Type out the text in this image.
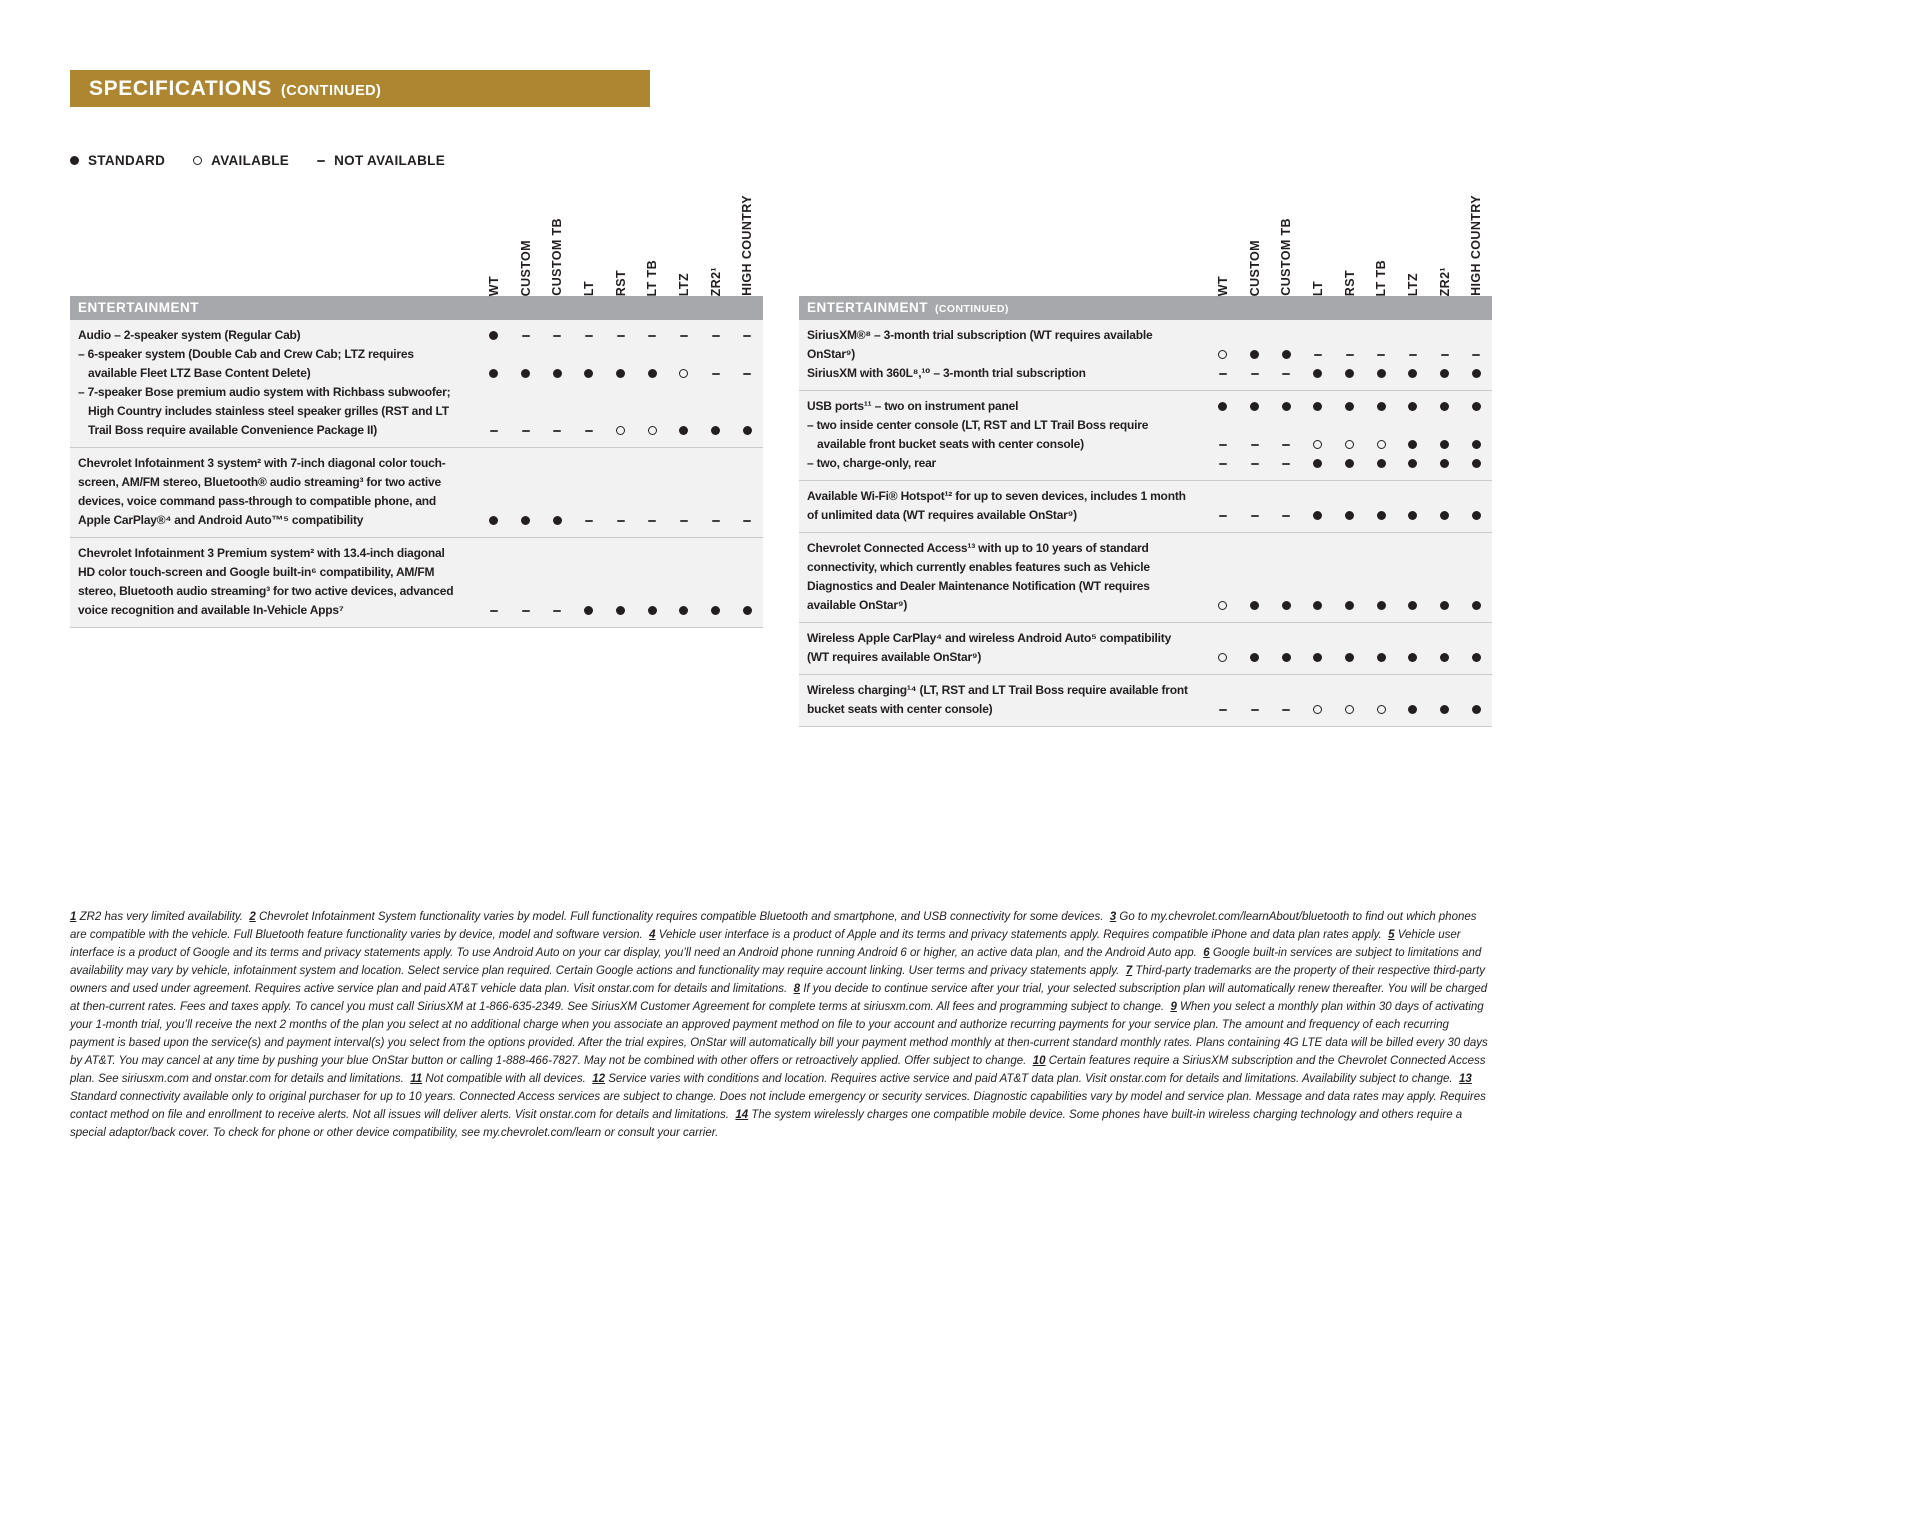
SPECIFICATIONS (CONTINUED)
STANDARD	AVAILABLE	NOT AVAILABLE
WT CUSTOM CUSTOM TB LT RST LT TB LTZ ZR2¹ HIGH COUNTRY
ENTERTAINMENT
Audio – 2-speaker system (Regular Cab)
– 6-speaker system (Double Cab and Crew Cab; LTZ requires available Fleet LTZ Base Content Delete)
– 7-speaker Bose premium audio system with Richbass subwoofer; High Country includes stainless steel speaker grilles (RST and LT Trail Boss require available Convenience Package II)
Chevrolet Infotainment 3 system² with 7-inch diagonal color touch-screen, AM/FM stereo, Bluetooth® audio streaming³ for two active devices, voice command pass-through to compatible phone, and Apple CarPlay®⁴ and Android Auto™⁵ compatibility
Chevrolet Infotainment 3 Premium system² with 13.4-inch diagonal HD color touch-screen and Google built-in⁶ compatibility, AM/FM stereo, Bluetooth audio streaming³ for two active devices, advanced voice recognition and available In-Vehicle Apps⁷
WT CUSTOM CUSTOM TB LT RST LT TB LTZ ZR2¹ HIGH COUNTRY
ENTERTAINMENT (CONTINUED)
SiriusXM®⁸ – 3-month trial subscription (WT requires available OnStar⁹)
SiriusXM with 360L⁸,¹⁰ – 3-month trial subscription
USB ports¹¹ – two on instrument panel
– two inside center console (LT, RST and LT Trail Boss require available front bucket seats with center console)
– two, charge-only, rear
Available Wi-Fi® Hotspot¹² for up to seven devices, includes 1 month of unlimited data (WT requires available OnStar⁹)
Chevrolet Connected Access¹³ with up to 10 years of standard connectivity, which currently enables features such as Vehicle Diagnostics and Dealer Maintenance Notification (WT requires available OnStar⁹)
Wireless Apple CarPlay⁴ and wireless Android Auto⁵ compatibility (WT requires available OnStar⁹)
Wireless charging¹⁴ (LT, RST and LT Trail Boss require available front bucket seats with center console)

1 ZR2 has very limited availability. 2 Chevrolet Infotainment System functionality varies by model. Full functionality requires compatible Bluetooth and smartphone, and USB connectivity for some devices. 3 Go to my.chevrolet.com/learnAbout/bluetooth to find out which phones are compatible with the vehicle. Full Bluetooth feature functionality varies by device, model and software version. 4 Vehicle user interface is a product of Apple and its terms and privacy statements apply. Requires compatible iPhone and data plan rates apply. 5 Vehicle user interface is a product of Google and its terms and privacy statements apply. To use Android Auto on your car display, you’ll need an Android phone running Android 6 or higher, an active data plan, and the Android Auto app. 6 Google built-in services are subject to limitations and availability may vary by vehicle, infotainment system and location. Select service plan required. Certain Google actions and functionality may require account linking. User terms and privacy statements apply. 7 Third-party trademarks are the property of their respective third-party owners and used under agreement. Requires active service plan and paid AT&T vehicle data plan. Visit onstar.com for details and limitations. 8 If you decide to continue service after your trial, your selected subscription plan will automatically renew thereafter. You will be charged at then-current rates. Fees and taxes apply. To cancel you must call SiriusXM at 1-866-635-2349. See SiriusXM Customer Agreement for complete terms at siriusxm.com. All fees and programming subject to change. 9 When you select a monthly plan within 30 days of activating your 1-month trial, you’ll receive the next 2 months of the plan you select at no additional charge when you associate an approved payment method on file to your account and authorize recurring payments for your service plan. The amount and frequency of each recurring payment is based upon the service(s) and payment interval(s) you select from the options provided. After the trial expires, OnStar will automatically bill your payment method monthly at then-current standard monthly rates. Plans containing 4G LTE data will be billed every 30 days by AT&T. You may cancel at any time by pushing your blue OnStar button or calling 1-888-466-7827. May not be combined with other offers or retroactively applied. Offer subject to change. 10 Certain features require a SiriusXM subscription and the Chevrolet Connected Access plan. See siriusxm.com and onstar.com for details and limitations. 11 Not compatible with all devices. 12 Service varies with conditions and location. Requires active service and paid AT&T data plan. Visit onstar.com for details and limitations. Availability subject to change. 13 Standard connectivity available only to original purchaser for up to 10 years. Connected Access services are subject to change. Does not include emergency or security services. Diagnostic capabilities vary by model and service plan. Message and data rates may apply. Requires contact method on file and enrollment to receive alerts. Not all issues will deliver alerts. Visit onstar.com for details and limitations. 14 The system wirelessly charges one compatible mobile device. Some phones have built-in wireless charging technology and others require a special adaptor/back cover. To check for phone or other device compatibility, see my.chevrolet.com/learn or consult your carrier.
